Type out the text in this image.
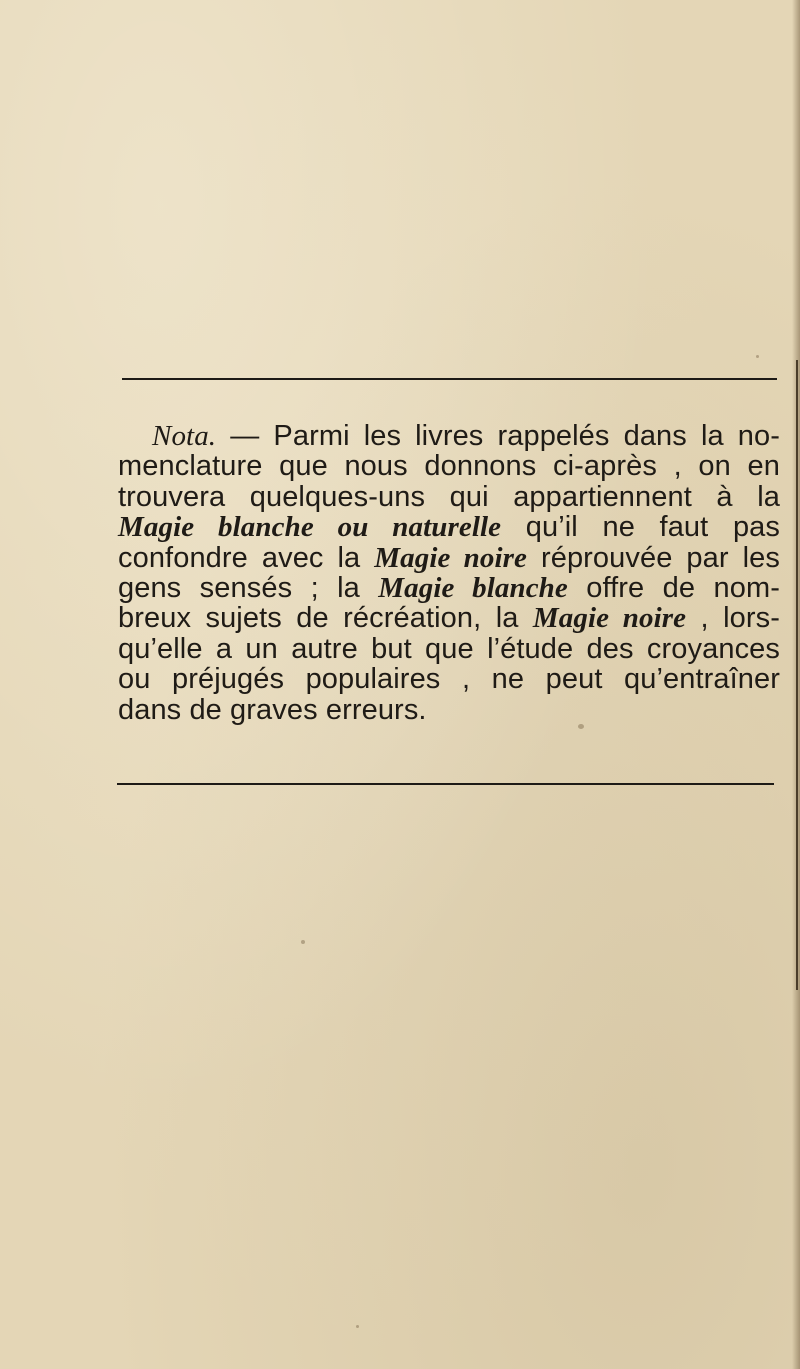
Nota. — Parmi les livres rappelés dans la no-
menclature que nous donnons ci-après , on en
trouvera quelques-uns qui appartiennent à la
Magie blanche ou naturelle qu’il ne faut pas
confondre avec la Magie noire réprouvée par les
gens sensés ; la Magie blanche offre de nom-
breux sujets de récréation, la Magie noire , lors-
qu’elle a un autre but que l’étude des croyances
ou préjugés populaires , ne peut qu’entraîner
dans de graves erreurs.
